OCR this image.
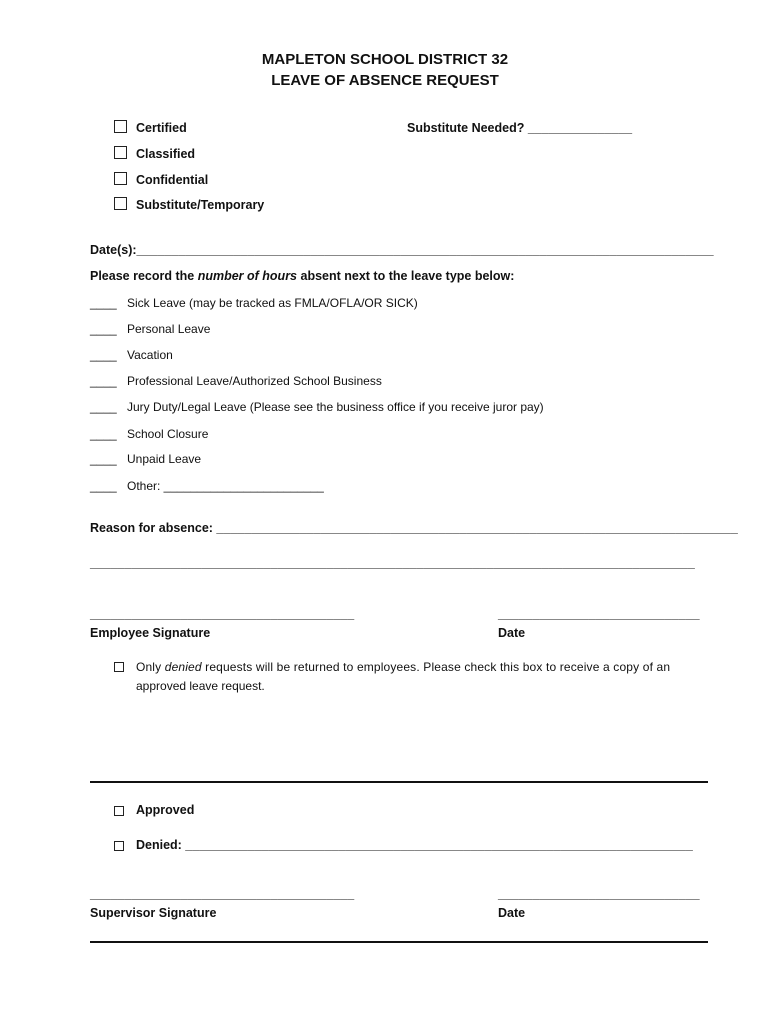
MAPLETON SCHOOL DISTRICT 32
LEAVE OF ABSENCE REQUEST
Certified
Classified
Confidential
Substitute/Temporary
Substitute Needed? _______________
Date(s):___________________________________________________________________________________
Please record the number of hours absent next to the leave type below:
____ Sick Leave (may be tracked as FMLA/OFLA/OR SICK)
____ Personal Leave
____ Vacation
____ Professional Leave/Authorized School Business
____ Jury Duty/Legal Leave (Please see the business office if you receive juror pay)
____ School Closure
____ Unpaid Leave
____ Other: ________________________
Reason for absence: ___________________________________________________________________________
_______________________________________________________________________________________
______________________________________
Employee Signature
_____________________________
Date
Only denied requests will be returned to employees. Please check this box to receive a copy of an
approved leave request.
Approved
Denied: _________________________________________________________________________
______________________________________
Supervisor Signature
_____________________________
Date
